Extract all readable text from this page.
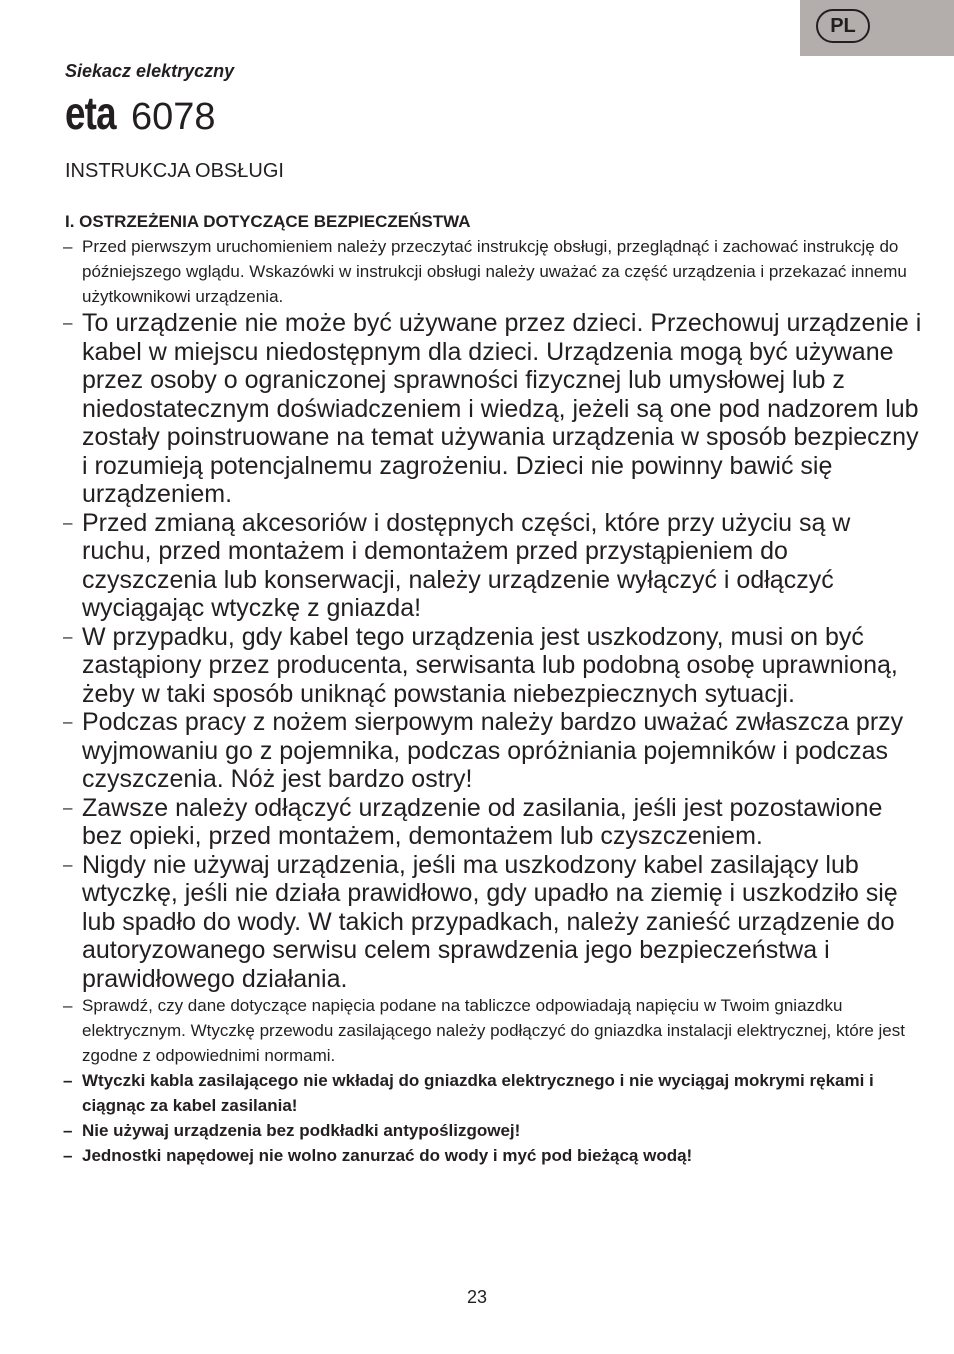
PL
Siekacz elektryczny
eta 6078
INSTRUKCJA OBSŁUGI
I. OSTRZEŻENIA DOTYCZĄCE BEZPIECZEŃSTWA
– Przed pierwszym uruchomieniem należy przeczytać instrukcję obsługi, przeglądnąć i zachować instrukcję do późniejszego wglądu. Wskazówki w instrukcji obsługi należy uważać za część urządzenia i przekazać innemu użytkownikowi urządzenia.
– To urządzenie nie może być używane przez dzieci. Przechowuj urządzenie i kabel w miejscu niedostępnym dla dzieci. Urządzenia mogą być używane przez osoby o ograniczonej sprawności fizycznej lub umysłowej lub z niedostatecznym doświadczeniem i wiedzą, jeżeli są one pod nadzorem lub zostały poinstruowane na temat używania urządzenia w sposób bezpieczny i rozumieją potencjalnemu zagrożeniu. Dzieci nie powinny bawić się urządzeniem.
– Przed zmianą akcesoriów i dostępnych części, które przy użyciu są w ruchu, przed montażem i demontażem przed przystąpieniem do czyszczenia lub konserwacji, należy urządzenie wyłączyć i odłączyć wyciągając wtyczkę z gniazda!
– W przypadku, gdy kabel tego urządzenia jest uszkodzony, musi on być zastąpiony przez producenta, serwisanta lub podobną osobę uprawnioną, żeby w taki sposób uniknąć powstania niebezpiecznych sytuacji.
– Podczas pracy z nożem sierpowym należy bardzo uważać zwłaszcza przy wyjmowaniu go z pojemnika, podczas opróżniania pojemników i podczas czyszczenia. Nóż jest bardzo ostry!
– Zawsze należy odłączyć urządzenie od zasilania, jeśli jest pozostawione bez opieki, przed montażem, demontażem lub czyszczeniem.
– Nigdy nie używaj urządzenia, jeśli ma uszkodzony kabel zasilający lub wtyczkę, jeśli nie działa prawidłowo, gdy upadło na ziemię i uszkodziło się lub spadło do wody. W takich przypadkach, należy zanieść urządzenie do autoryzowanego serwisu celem sprawdzenia jego bezpieczeństwa i prawidłowego działania.
– Sprawdź, czy dane dotyczące napięcia podane na tabliczce odpowiadają napięciu w Twoim gniazdku elektrycznym. Wtyczkę przewodu zasilającego należy podłączyć do gniazdka instalacji elektrycznej, które jest zgodne z odpowiednimi normami.
– Wtyczki kabla zasilającego nie wkładaj do gniazdka elektrycznego i nie wyciągaj mokrymi rękami i ciągnąc za kabel zasilania!
– Nie używaj urządzenia bez podkładki antypoślizgowej!
– Jednostki napędowej nie wolno zanurzać do wody i myć pod bieżącą wodą!
23
